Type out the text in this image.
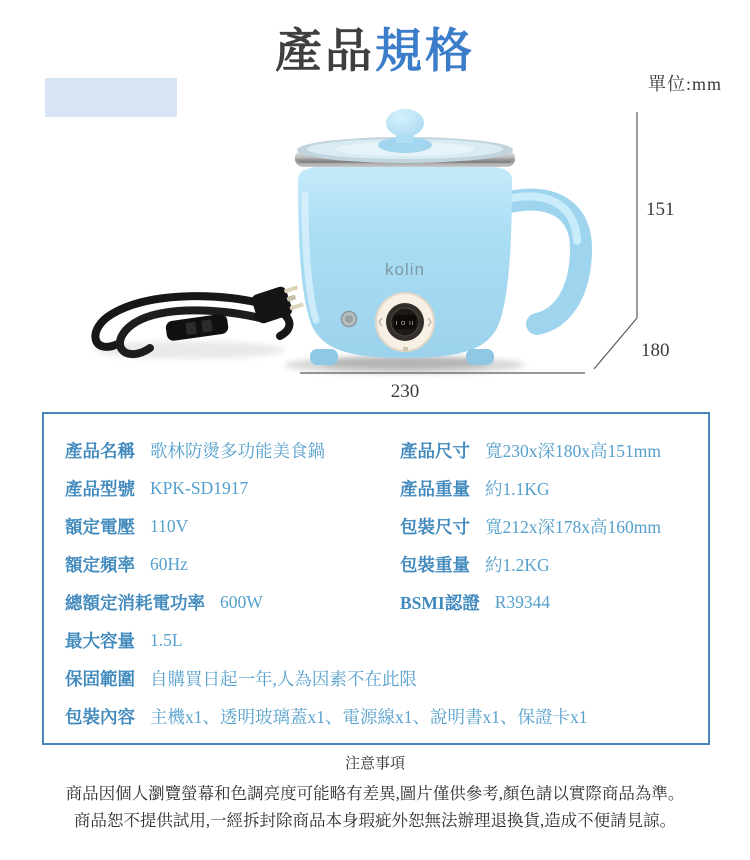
產品規格
單位:mm
kolin
I O II
151
180
230
產品名稱 歌林防燙多功能美食鍋
產品型號 KPK-SD1917
額定電壓 110V
額定頻率 60Hz
總額定消耗電功率 600W
最大容量 1.5L
保固範圍 自購買日起一年,人為因素不在此限
包裝內容 主機x1、透明玻璃蓋x1、電源線x1、說明書x1、保證卡x1
產品尺寸 寬230x深180x高151mm
產品重量 約1.1KG
包裝尺寸 寬212x深178x高160mm
包裝重量 約1.2KG
BSMI認證 R39344
注意事項
商品因個人瀏覽螢幕和色調亮度可能略有差異,圖片僅供參考,顏色請以實際商品為準。
商品恕不提供試用,一經拆封除商品本身瑕疵外恕無法辦理退換貨,造成不便請見諒。
